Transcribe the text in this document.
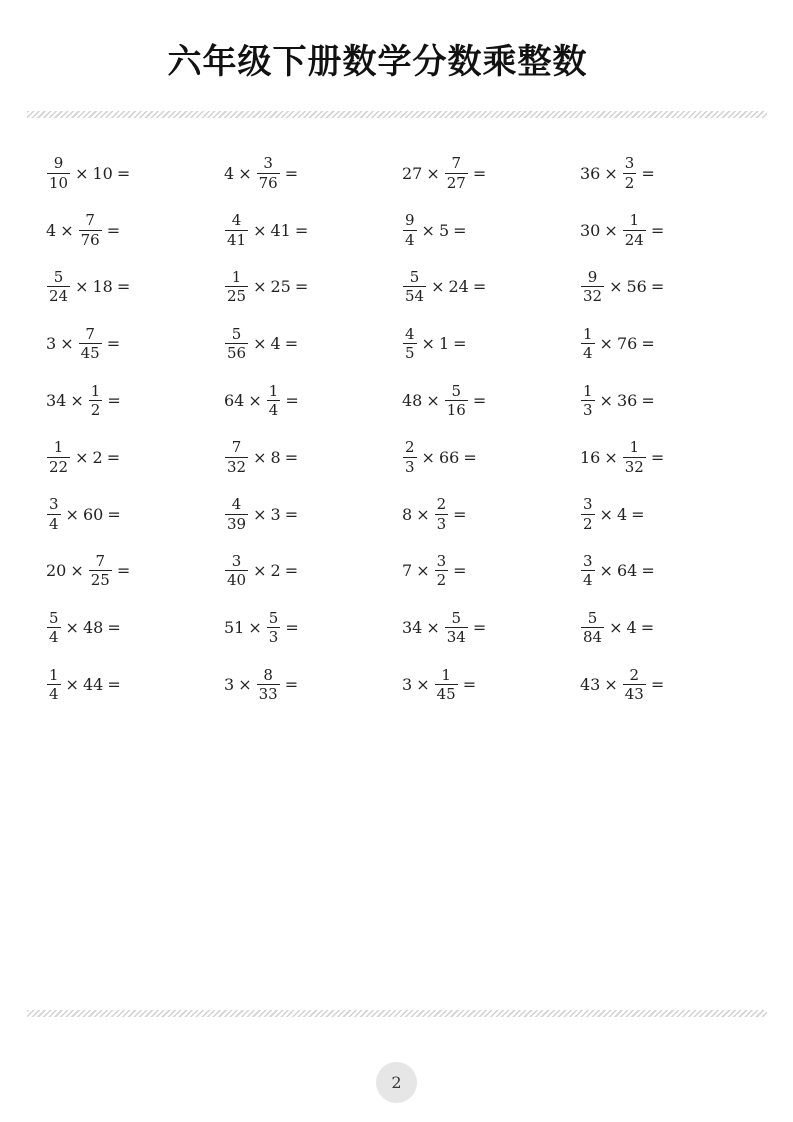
六年级下册数学分数乘整数
$\frac{9}{10} \times 10$ =	$4 \times \frac{3}{76}$ =	$27 \times \frac{7}{27}$ =	$36 \times \frac{3}{2}$ =
$4 \times \frac{7}{76}$ =	$\frac{4}{41} \times 41$ =	$\frac{9}{4} \times 5$ =	$30 \times \frac{1}{24}$ =
$\frac{5}{24} \times 18$ =	$\frac{1}{25} \times 25$ =	$\frac{5}{54} \times 24$ =	$\frac{9}{32} \times 56$ =
$3 \times \frac{7}{45}$ =	$\frac{5}{56} \times 4$ =	$\frac{4}{5} \times 1$ =	$\frac{1}{4} \times 76$ =
$34 \times \frac{1}{2}$ =	$64 \times \frac{1}{4}$ =	$48 \times \frac{5}{16}$ =	$\frac{1}{3} \times 36$ =
$\frac{1}{22} \times 2$ =	$\frac{7}{32} \times 8$ =	$\frac{2}{3} \times 66$ =	$16 \times \frac{1}{32}$ =
$\frac{3}{4} \times 60$ =	$\frac{4}{39} \times 3$ =	$8 \times \frac{2}{3}$ =	$\frac{3}{2} \times 4$ =
$20 \times \frac{7}{25}$ =	$\frac{3}{40} \times 2$ =	$7 \times \frac{3}{2}$ =	$\frac{3}{4} \times 64$ =
$\frac{5}{4} \times 48$ =	$51 \times \frac{5}{3}$ =	$34 \times \frac{5}{34}$ =	$\frac{5}{84} \times 4$ =
$\frac{1}{4} \times 44$ =	$3 \times \frac{8}{33}$ =	$3 \times \frac{1}{45}$ =	$43 \times \frac{2}{43}$ =
2
